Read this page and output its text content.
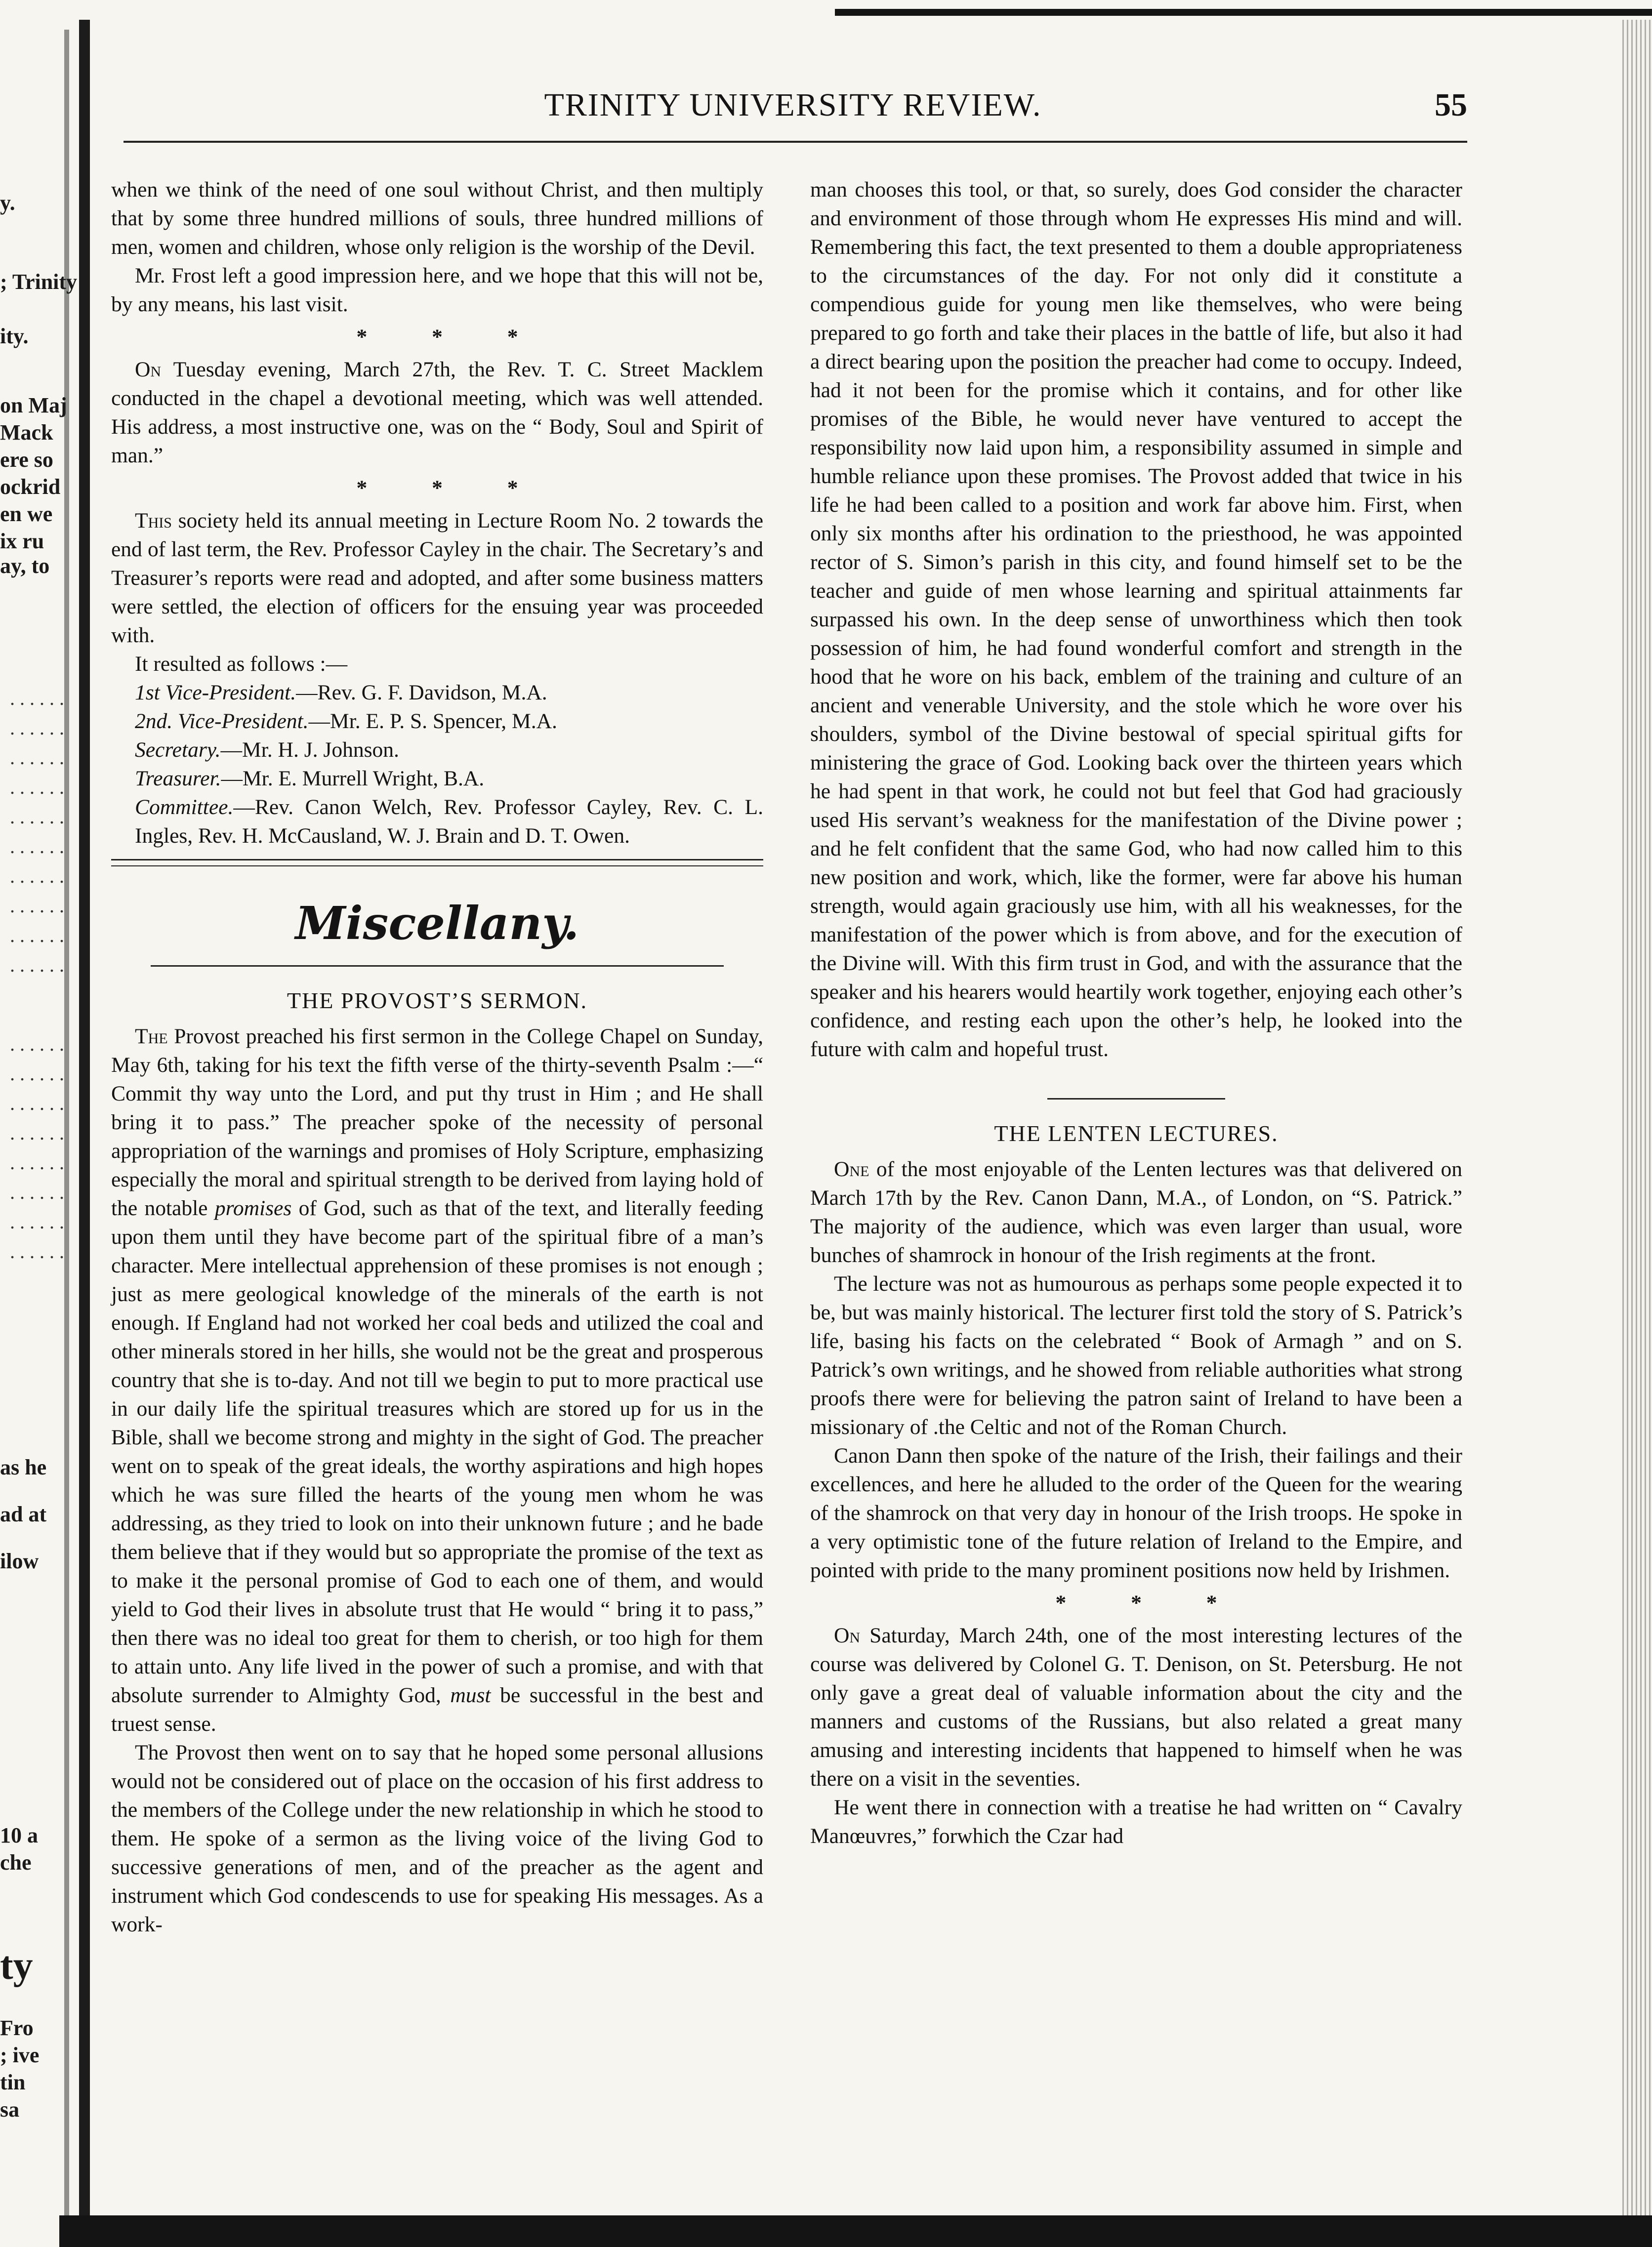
y.
; Trinity
ity.
on Maj
Mack
ere so
ockrid
en we
ix ru
ay, to
......
......
......
......
......
......
......
......
......
......
......
......
......
......
......
......
......
......
as he
ad at
ilow
10 a
che
ty
Fro
; ive
tin
sa
TRINITY UNIVERSITY REVIEW.	55

when we think of the need of one soul without Christ, and then multiply that by some three hundred millions of souls, three hundred millions of men, women and children, whose only religion is the worship of the Devil.

Mr. Frost left a good impression here, and we hope that this will not be, by any means, his last visit.

* * *

On Tuesday evening, March 27th, the Rev. T. C. Street Macklem conducted in the chapel a devotional meeting, which was well attended. His address, a most instructive one, was on the “ Body, Soul and Spirit of man.”

* * *

This society held its annual meeting in Lecture Room No. 2 towards the end of last term, the Rev. Professor Cayley in the chair. The Secretary’s and Treasurer’s reports were read and adopted, and after some business matters were settled, the election of officers for the ensuing year was proceeded with.

It resulted as follows :—

1st Vice-President.—Rev. G. F. Davidson, M.A.

2nd. Vice-President.—Mr. E. P. S. Spencer, M.A.

Secretary.—Mr. H. J. Johnson.

Treasurer.—Mr. E. Murrell Wright, B.A.

Committee.—Rev. Canon Welch, Rev. Professor Cayley, Rev. C. L. Ingles, Rev. H. McCausland, W. J. Brain and D. T. Owen.

Miscellany.
THE PROVOST’S SERMON.

The Provost preached his first sermon in the College Chapel on Sunday, May 6th, taking for his text the fifth verse of the thirty-seventh Psalm :—“ Commit thy way unto the Lord, and put thy trust in Him ; and He shall bring it to pass.” The preacher spoke of the necessity of personal appropriation of the warnings and promises of Holy Scripture, emphasizing especially the moral and spiritual strength to be derived from laying hold of the notable promises of God, such as that of the text, and literally feeding upon them until they have become part of the spiritual fibre of a man’s character. Mere intellectual apprehension of these promises is not enough ; just as mere geological knowledge of the minerals of the earth is not enough. If England had not worked her coal beds and utilized the coal and other minerals stored in her hills, she would not be the great and prosperous country that she is to-day. And not till we begin to put to more practical use in our daily life the spiritual treasures which are stored up for us in the Bible, shall we become strong and mighty in the sight of God. The preacher went on to speak of the great ideals, the worthy aspirations and high hopes which he was sure filled the hearts of the young men whom he was addressing, as they tried to look on into their unknown future ; and he bade them believe that if they would but so appropriate the promise of the text as to make it the personal promise of God to each one of them, and would yield to God their lives in absolute trust that He would “ bring it to pass,” then there was no ideal too great for them to cherish, or too high for them to attain unto. Any life lived in the power of such a promise, and with that absolute surrender to Almighty God, must be successful in the best and truest sense.

The Provost then went on to say that he hoped some personal allusions would not be considered out of place on the occasion of his first address to the members of the College under the new relationship in which he stood to them. He spoke of a sermon as the living voice of the living God to successive generations of men, and of the preacher as the agent and instrument which God condescends to use for speaking His messages. As a work-

man chooses this tool, or that, so surely, does God consider the character and environment of those through whom He expresses His mind and will. Remembering this fact, the text presented to them a double appropriateness to the circumstances of the day. For not only did it constitute a compendious guide for young men like themselves, who were being prepared to go forth and take their places in the battle of life, but also it had a direct bearing upon the position the preacher had come to occupy. Indeed, had it not been for the promise which it contains, and for other like promises of the Bible, he would never have ventured to accept the responsibility now laid upon him, a responsibility assumed in simple and humble reliance upon these promises. The Provost added that twice in his life he had been called to a position and work far above him. First, when only six months after his ordination to the priesthood, he was appointed rector of S. Simon’s parish in this city, and found himself set to be the teacher and guide of men whose learning and spiritual attainments far surpassed his own. In the deep sense of unworthiness which then took possession of him, he had found wonderful comfort and strength in the hood that he wore on his back, emblem of the training and culture of an ancient and venerable University, and the stole which he wore over his shoulders, symbol of the Divine bestowal of special spiritual gifts for ministering the grace of God. Looking back over the thirteen years which he had spent in that work, he could not but feel that God had graciously used His servant’s weakness for the manifestation of the Divine power ; and he felt confident that the same God, who had now called him to this new position and work, which, like the former, were far above his human strength, would again graciously use him, with all his weaknesses, for the manifestation of the power which is from above, and for the execution of the Divine will. With this firm trust in God, and with the assurance that the speaker and his hearers would heartily work together, enjoying each other’s confidence, and resting each upon the other’s help, he looked into the future with calm and hopeful trust.

THE LENTEN LECTURES.

One of the most enjoyable of the Lenten lectures was that delivered on March 17th by the Rev. Canon Dann, M.A., of London, on “S. Patrick.” The majority of the audience, which was even larger than usual, wore bunches of shamrock in honour of the Irish regiments at the front.

The lecture was not as humourous as perhaps some people expected it to be, but was mainly historical. The lecturer first told the story of S. Patrick’s life, basing his facts on the celebrated “ Book of Armagh ” and on S. Patrick’s own writings, and he showed from reliable authorities what strong proofs there were for believing the patron saint of Ireland to have been a missionary of .the Celtic and not of the Roman Church.

Canon Dann then spoke of the nature of the Irish, their failings and their excellences, and here he alluded to the order of the Queen for the wearing of the shamrock on that very day in honour of the Irish troops. He spoke in a very optimistic tone of the future relation of Ireland to the Empire, and pointed with pride to the many prominent positions now held by Irishmen.

* * *

On Saturday, March 24th, one of the most interesting lectures of the course was delivered by Colonel G. T. Denison, on St. Petersburg. He not only gave a great deal of valuable information about the city and the manners and customs of the Russians, but also related a great many amusing and interesting incidents that happened to himself when he was there on a visit in the seventies.

He went there in connection with a treatise he had written on “ Cavalry Manœuvres,” forwhich the Czar had
